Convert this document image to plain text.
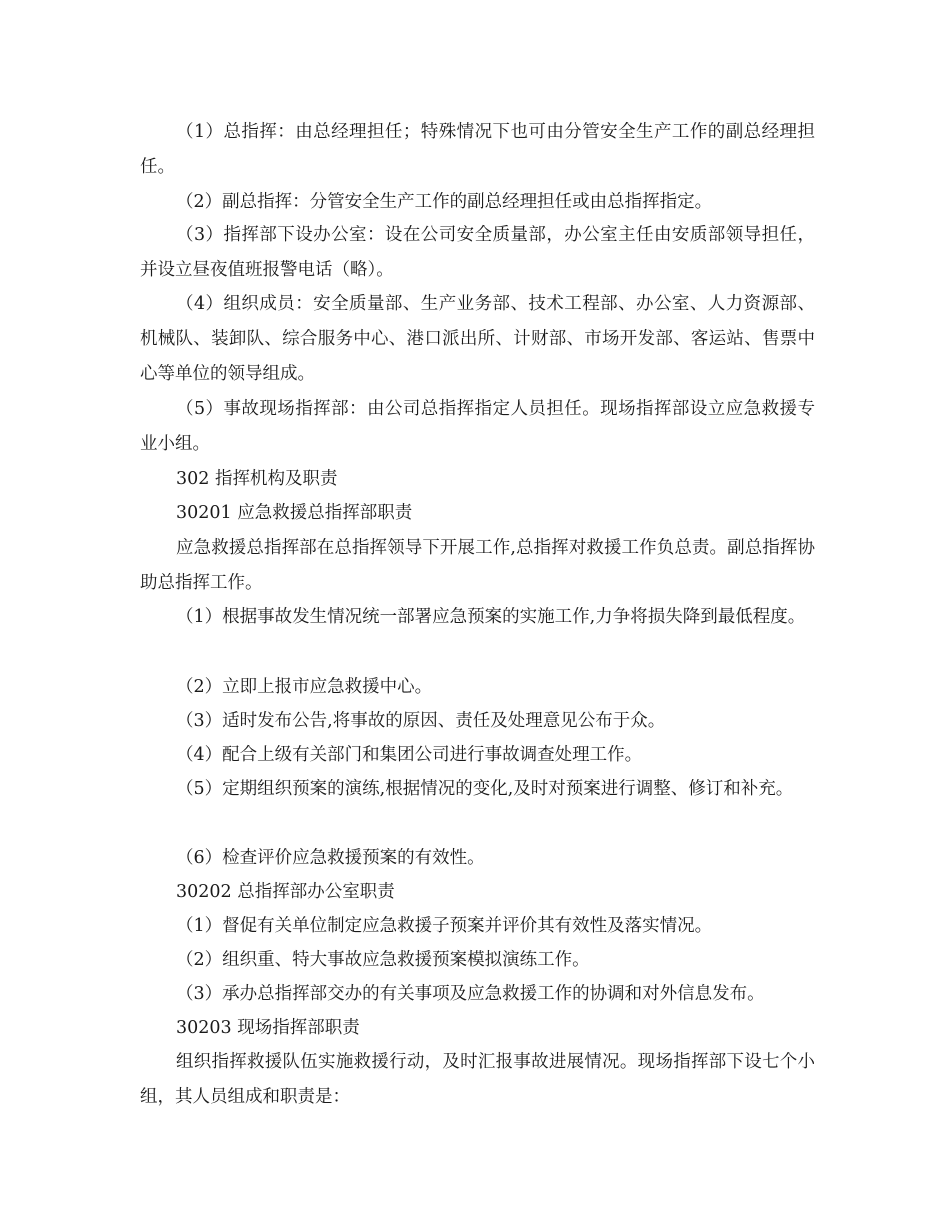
（1）总指挥：由总经理担任；特殊情况下也可由分管安全生产工作的副总经理担任。

（2）副总指挥：分管安全生产工作的副总经理担任或由总指挥指定。

（3）指挥部下设办公室：设在公司安全质量部，办公室主任由安质部领导担任，并设立昼夜值班报警电话（略）。

（4）组织成员：安全质量部、生产业务部、技术工程部、办公室、人力资源部、机械队、装卸队、综合服务中心、港口派出所、计财部、市场开发部、客运站、售票中心等单位的领导组成。

（5）事故现场指挥部：由公司总指挥指定人员担任。现场指挥部设立应急救援专业小组。

302 指挥机构及职责

30201 应急救援总指挥部职责

应急救援总指挥部在总指挥领导下开展工作,总指挥对救援工作负总责。副总指挥协助总指挥工作。

（1）根据事故发生情况统一部署应急预案的实施工作,力争将损失降到最低程度。

（2）立即上报市应急救援中心。

（3）适时发布公告,将事故的原因、责任及处理意见公布于众。

（4）配合上级有关部门和集团公司进行事故调查处理工作。

（5）定期组织预案的演练,根据情况的变化,及时对预案进行调整、修订和补充。

（6）检查评价应急救援预案的有效性。

30202 总指挥部办公室职责

（1）督促有关单位制定应急救援子预案并评价其有效性及落实情况。

（2）组织重、特大事故应急救援预案模拟演练工作。

（3）承办总指挥部交办的有关事项及应急救援工作的协调和对外信息发布。

30203 现场指挥部职责

组织指挥救援队伍实施救援行动，及时汇报事故进展情况。现场指挥部下设七个小组，其人员组成和职责是：
